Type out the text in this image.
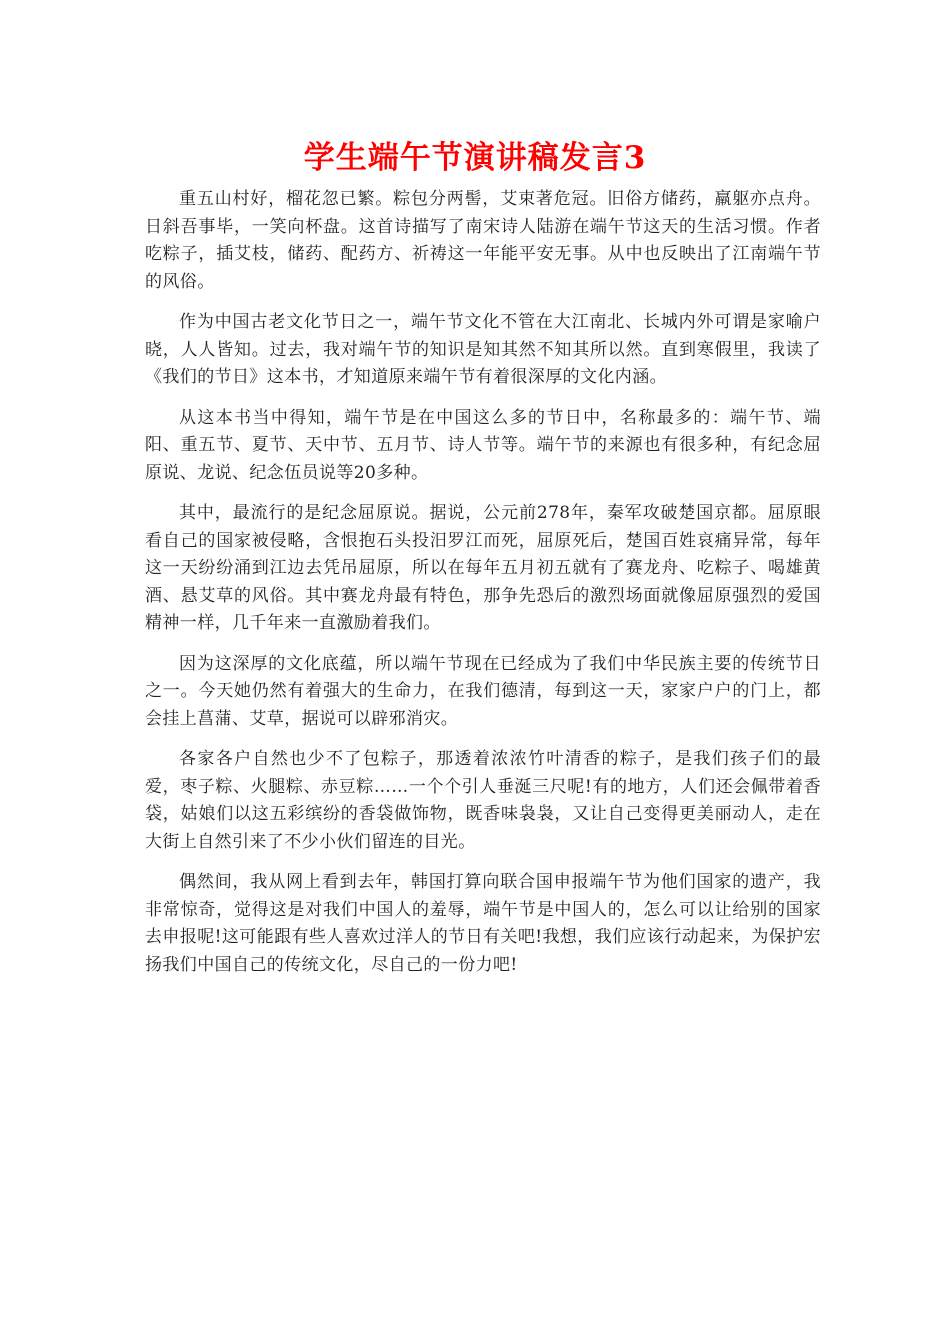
学生端午节演讲稿发言3

重五山村好，榴花忽已繁。粽包分两髻，艾束著危冠。旧俗方储药，羸躯亦点舟。日斜吾事毕，一笑向杯盘。这首诗描写了南宋诗人陆游在端午节这天的生活习惯。作者吃粽子，插艾枝，储药、配药方、祈祷这一年能平安无事。从中也反映出了江南端午节的风俗。

作为中国古老文化节日之一，端午节文化不管在大江南北、长城内外可谓是家喻户晓，人人皆知。过去，我对端午节的知识是知其然不知其所以然。直到寒假里，我读了《我们的节日》这本书，才知道原来端午节有着很深厚的文化内涵。

从这本书当中得知，端午节是在中国这么多的节日中，名称最多的：端午节、端阳、重五节、夏节、天中节、五月节、诗人节等。端午节的来源也有很多种，有纪念屈原说、龙说、纪念伍员说等20多种。

其中，最流行的是纪念屈原说。据说，公元前278年，秦军攻破楚国京都。屈原眼看自己的国家被侵略，含恨抱石头投汨罗江而死，屈原死后，楚国百姓哀痛异常，每年这一天纷纷涌到江边去凭吊屈原，所以在每年五月初五就有了赛龙舟、吃粽子、喝雄黄酒、悬艾草的风俗。其中赛龙舟最有特色，那争先恐后的激烈场面就像屈原强烈的爱国精神一样，几千年来一直激励着我们。

因为这深厚的文化底蕴，所以端午节现在已经成为了我们中华民族主要的传统节日之一。今天她仍然有着强大的生命力，在我们德清，每到这一天，家家户户的门上，都会挂上菖蒲、艾草，据说可以辟邪消灾。

各家各户自然也少不了包粽子，那透着浓浓竹叶清香的粽子，是我们孩子们的最爱，枣子粽、火腿粽、赤豆粽……一个个引人垂涎三尺呢!有的地方，人们还会佩带着香袋，姑娘们以这五彩缤纷的香袋做饰物，既香味袅袅，又让自己变得更美丽动人，走在大街上自然引来了不少小伙们留连的目光。

偶然间，我从网上看到去年，韩国打算向联合国申报端午节为他们国家的遗产，我非常惊奇，觉得这是对我们中国人的羞辱，端午节是中国人的，怎么可以让给别的国家去申报呢!这可能跟有些人喜欢过洋人的节日有关吧!我想，我们应该行动起来，为保护宏扬我们中国自己的传统文化，尽自己的一份力吧!
